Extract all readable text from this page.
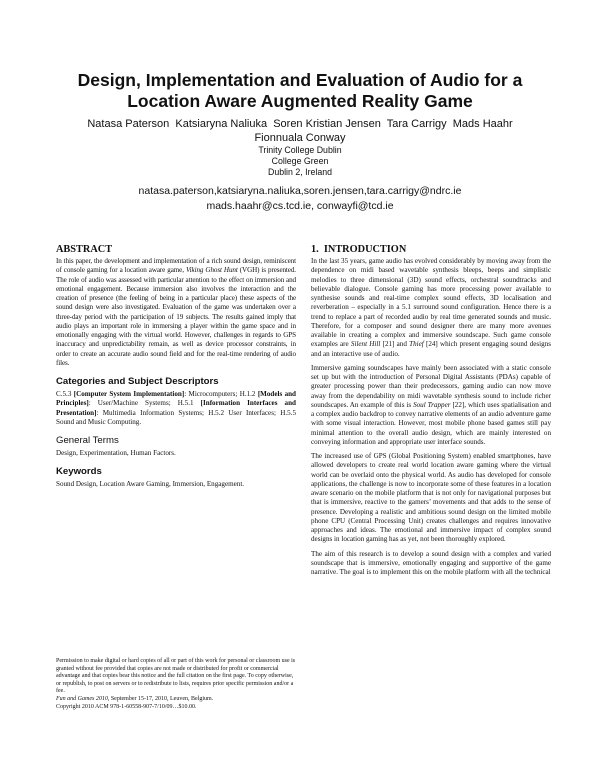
Design, Implementation and Evaluation of Audio for a
Location Aware Augmented Reality Game
Natasa Paterson  Katsiaryna Naliuka  Soren Kristian Jensen  Tara Carrigy  Mads Haahr
Fionnuala Conway
Trinity College Dublin
College Green
Dublin 2, Ireland
natasa.paterson,katsiaryna.naliuka,soren.jensen,tara.carrigy@ndrc.ie
mads.haahr@cs.tcd.ie, conwayfi@tcd.ie
ABSTRACT

In this paper, the development and implementation of a rich sound design, reminiscent of console gaming for a location aware game, Viking Ghost Hunt (VGH) is presented. The role of audio was assessed with particular attention to the effect on immersion and emotional engagement. Because immersion also involves the interaction and the creation of presence (the feeling of being in a particular place) these aspects of the sound design were also investigated. Evaluation of the game was undertaken over a three-day period with the participation of 19 subjects. The results gained imply that audio plays an important role in immersing a player within the game space and in emotionally engaging with the virtual world. However, challenges in regards to GPS inaccuracy and unpredictability remain, as well as device processor constraints, in order to create an accurate audio sound field and for the real-time rendering of audio files.

Categories and Subject Descriptors

C.5.3 [Computer System Implementation]: Microcomputers; H.1.2 [Models and Principles]: User/Machine Systems; H.5.1 [Information Interfaces and Presentation]: Multimedia Information Systems; H.5.2 User Interfaces; H.5.5 Sound and Music Computing.

General Terms

Design, Experimentation, Human Factors.

Keywords

Sound Design, Location Aware Gaming, Immersion, Engagement.

Permission to make digital or hard copies of all or part of this work for personal or classroom use is granted without fee provided that copies are not made or distributed for profit or commercial advantage and that copies bear this notice and the full citation on the first page. To copy otherwise, or republish, to post on servers or to redistribute to lists, requires prior specific permission and/or a fee.
Fun and Games 2010, September 15-17, 2010, Leuven, Belgium.
Copyright 2010 ACM 978-1-60558-907-7/10/09…$10.00.
1.  INTRODUCTION

In the last 35 years, game audio has evolved considerably by moving away from the dependence on midi based wavetable synthesis bleeps, beeps and simplistic melodies to three dimensional (3D) sound effects, orchestral soundtracks and believable dialogue. Console gaming has more processing power available to synthesise sounds and real-time complex sound effects, 3D localisation and reverberation – especially in a 5.1 surround sound configuration. Hence there is a trend to replace a part of recorded audio by real time generated sounds and music. Therefore, for a composer and sound designer there are many more avenues available in creating a complex and immersive soundscape. Such game console examples are Silent Hill [21] and Thief [24] which present engaging sound designs and an interactive use of audio.

Immersive gaming soundscapes have mainly been associated with a static console set up but with the introduction of Personal Digital Assistants (PDAs) capable of greater processing power than their predecessors, gaming audio can now move away from the dependability on midi wavetable synthesis sound to include richer soundscapes. An example of this is Soul Trapper [22], which uses spatialisation and a complex audio backdrop to convey narrative elements of an audio adventure game with some visual interaction. However, most mobile phone based games still pay minimal attention to the overall audio design, which are mainly interested on conveying information and appropriate user interface sounds.

The increased use of GPS (Global Positioning System) enabled smartphones, have allowed developers to create real world location aware gaming where the virtual world can be overlaid onto the physical world. As audio has developed for console applications, the challenge is now to incorporate some of these features in a location aware scenario on the mobile platform that is not only for navigational purposes but that is immersive, reactive to the gamers’ movements and that adds to the sense of presence. Developing a realistic and ambitious sound design on the limited mobile phone CPU (Central Processing Unit) creates challenges and requires innovative approaches and ideas. The emotional and immersive impact of complex sound designs in location gaming has as yet, not been thoroughly explored.

The aim of this research is to develop a sound design with a complex and varied soundscape that is immersive, emotionally engaging and supportive of the game narrative. The goal is to implement this on the mobile platform with all the technical
